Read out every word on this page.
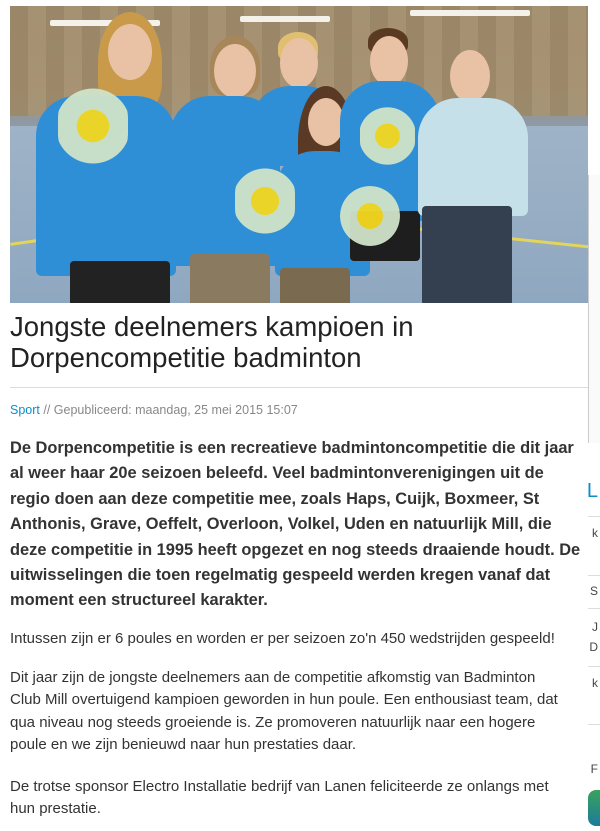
L
k
S
J
D
k
F
Jongste deelnemers kampioen in
Dorpencompetitie badminton
Sport // Gepubliceerd: maandag, 25 mei 2015 15:07
De Dorpencompetitie is een recreatieve badmintoncompetitie die dit jaar
al weer haar 20e seizoen beleefd. Veel badmintonverenigingen uit de
regio doen aan deze competitie mee, zoals Haps, Cuijk, Boxmeer, St
Anthonis, Grave, Oeffelt, Overloon, Volkel, Uden en natuurlijk Mill, die
deze competitie in 1995 heeft opgezet en nog steeds draaiende houdt. De
uitwisselingen die toen regelmatig gespeeld werden kregen vanaf dat
moment een structureel karakter.
Intussen zijn er 6 poules en worden er per seizoen zo'n 450 wedstrijden gespeeld!
Dit jaar zijn de jongste deelnemers aan de competitie afkomstig van Badminton
Club Mill overtuigend kampioen geworden in hun poule. Een enthousiast team, dat
qua niveau nog steeds groeiende is. Ze promoveren natuurlijk naar een hogere
poule en we zijn benieuwd naar hun prestaties daar.
De trotse sponsor Electro Installatie bedrijf van Lanen feliciteerde ze onlangs met
hun prestatie.
